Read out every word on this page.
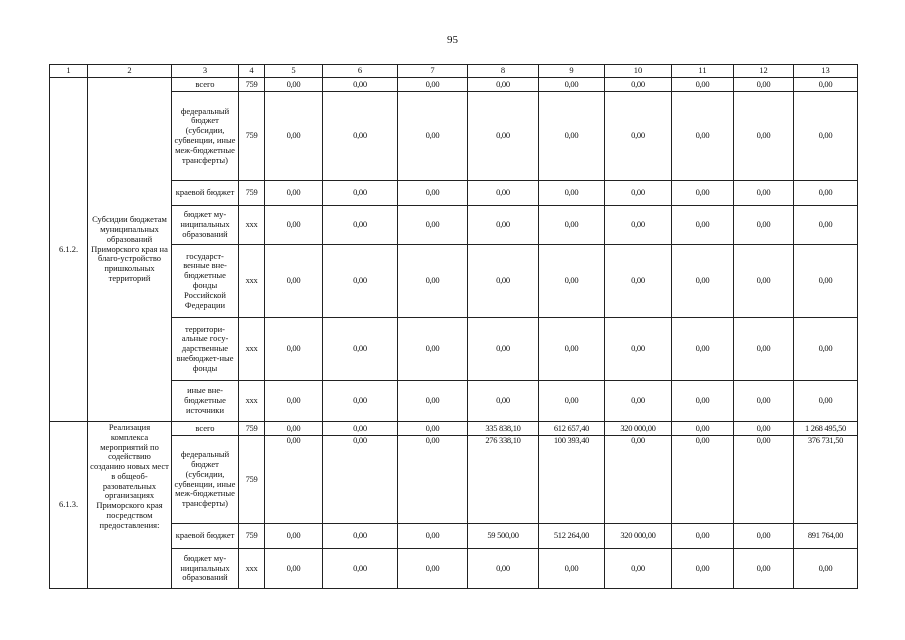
95
1	2	3	4	5	6	7	8	9	10	11	12	13
6.1.2.	Субсидии бюджетам муниципальных образований Приморского края на благо-устройство пришкольных территорий	всего	759	0,00	0,00	0,00	0,00	0,00	0,00	0,00	0,00	0,00
		федеральный бюджет (субсидии, субвенции, иные меж-бюджетные трансферты)	759	0,00	0,00	0,00	0,00	0,00	0,00	0,00	0,00	0,00
		краевой бюджет	759	0,00	0,00	0,00	0,00	0,00	0,00	0,00	0,00	0,00
		бюджет му-ниципальных образований	ххх	0,00	0,00	0,00	0,00	0,00	0,00	0,00	0,00	0,00
		государст-венные вне-бюджетные фонды Российской Федерации	ххх	0,00	0,00	0,00	0,00	0,00	0,00	0,00	0,00	0,00
		территори-альные госу-дарственные внебюджет-ные фонды	ххх	0,00	0,00	0,00	0,00	0,00	0,00	0,00	0,00	0,00
		иные вне-бюджетные источники	ххх	0,00	0,00	0,00	0,00	0,00	0,00	0,00	0,00	0,00
6.1.3.	Реализация комплекса мероприятий по содействию созданию новых мест в общеоб-разовательных организациях Приморского края посредством предоставления:	всего	759	0,00	0,00	0,00	335 838,10	612 657,40	320 000,00	0,00	0,00	1 268 495,50
		федеральный бюджет (субсидии, субвенции, иные меж-бюджетные трансферты)	759	0,00	0,00	0,00	276 338,10	100 393,40	0,00	0,00	0,00	376 731,50
		краевой бюджет	759	0,00	0,00	0,00	59 500,00	512 264,00	320 000,00	0,00	0,00	891 764,00
		бюджет му-ниципальных образований	ххх	0,00	0,00	0,00	0,00	0,00	0,00	0,00	0,00	0,00
